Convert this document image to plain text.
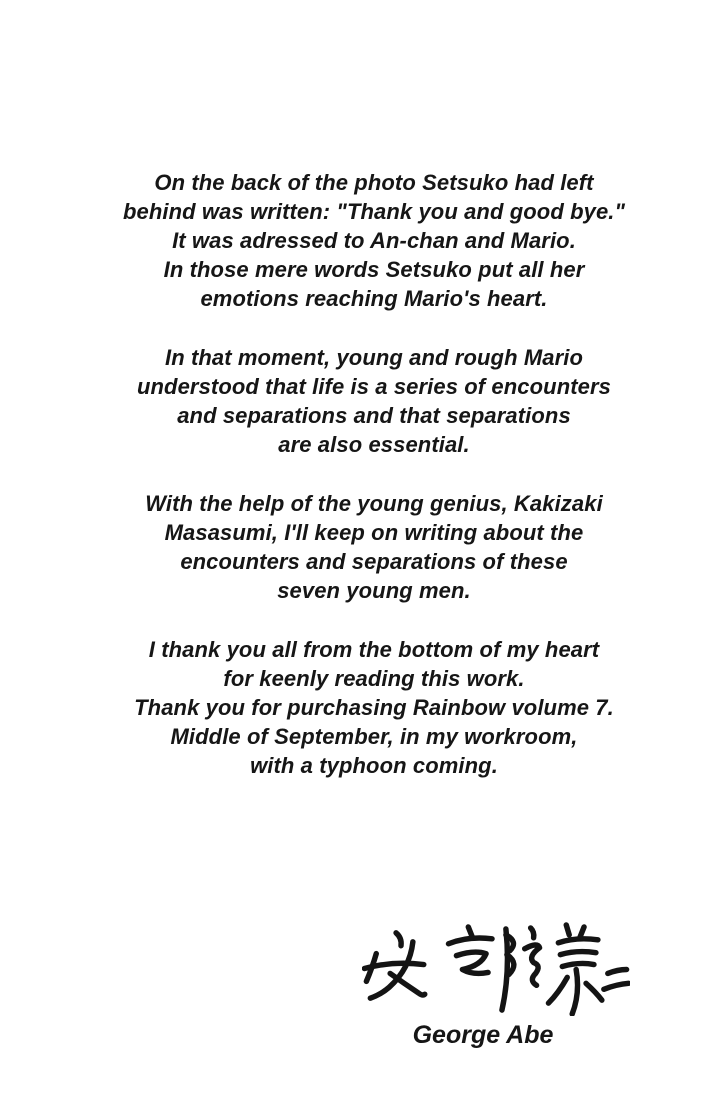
On the back of the photo Setsuko had left
behind was written: "Thank you and good bye."
It was adressed to An-chan and Mario.
In those mere words Setsuko put all her
emotions reaching Mario's heart.

In that moment, young and rough Mario
understood that life is a series of encounters
and separations and that separations
are also essential.

With the help of the young genius, Kakizaki
Masasumi, I'll keep on writing about the
encounters and separations of these
seven young men.

I thank you all from the bottom of my heart
for keenly reading this work.
Thank you for purchasing Rainbow volume 7.
Middle of September, in my workroom,
with a typhoon coming.

George Abe
